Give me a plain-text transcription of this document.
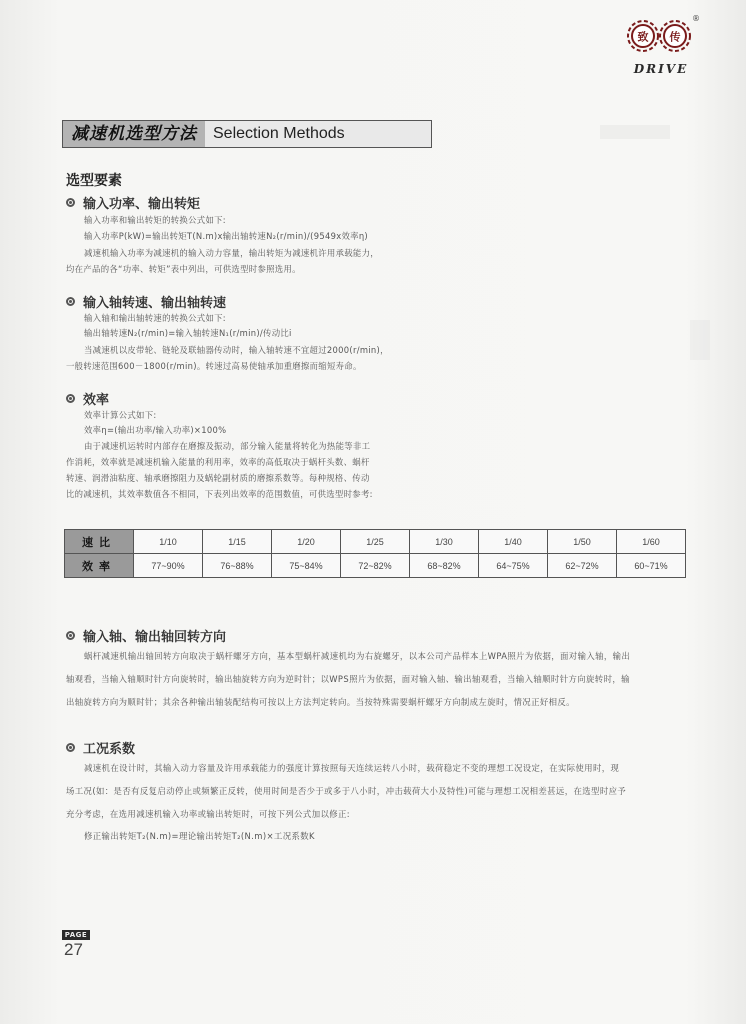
致 传
®
DRIVE
减速机选型方法	Selection Methods
选型要素
输入功率、输出转矩
输入功率和输出转矩的转换公式如下:
输入功率P(kW)=输出转矩T(N.m)x输出轴转速N₂(r/min)/(9549x效率η)
减速机输入功率为减速机的输入动力容量，输出转矩为减速机许用承载能力，
均在产品的各“功率、转矩”表中列出，可供选型时参照选用。
输入轴转速、输出轴转速
输入轴和输出轴转速的转换公式如下:
输出轴转速N₂(r/min)=输入轴转速N₁(r/min)/传动比i
当减速机以皮带轮、链轮及联轴器传动时，输入轴转速不宜超过2000(r/min)，
一般转速范围600－1800(r/min)。转速过高易使轴承加重磨擦而缩短寿命。
效率
效率计算公式如下:
效率η=(输出功率/输入功率)×100%
由于减速机运转时内部存在磨擦及振动，部分输入能量将转化为热能等非工
作消耗，效率就是减速机输入能量的利用率，效率的高低取决于蜗杆头数、蜗杆
转速、润滑油粘度、轴承磨擦阻力及蜗轮副材质的磨擦系数等。每种规格、传动
比的减速机，其效率数值各不相同，下表列出效率的范围数值，可供选型时参考:
速比	1/10	1/15	1/20	1/25	1/30	1/40	1/50	1/60
效率	77~90%	76~88%	75~84%	72~82%	68~82%	64~75%	62~72%	60~71%
输入轴、输出轴回转方向
蜗杆减速机输出轴回转方向取决于蜗杆螺牙方向，基本型蜗杆减速机均为右旋螺牙，以本公司产品样本上WPA照片为依据，面对输入轴，输出
轴观看，当输入轴顺时针方向旋转时，输出轴旋转方向为逆时针；以WPS照片为依据，面对输入轴、输出轴观看，当输入轴顺时针方向旋转时，输
出轴旋转方向为顺时针；其余各种输出轴装配结构可按以上方法判定转向。当按特殊需要蜗杆螺牙方向制成左旋时，情况正好相反。
工况系数
减速机在设计时，其输入动力容量及许用承载能力的强度计算按照每天连续运转八小时，载荷稳定不变的理想工况设定，在实际使用时，现
场工况(如：是否有反复启动停止或频繁正反转，使用时间是否少于或多于八小时，冲击载荷大小及特性)可能与理想工况相差甚远，在选型时应予
充分考虑，在选用减速机输入功率或输出转矩时，可按下列公式加以修正:
修正输出转矩T₂(N.m)=理论输出转矩T₂(N.m)×工况系数K
PAGE
27
